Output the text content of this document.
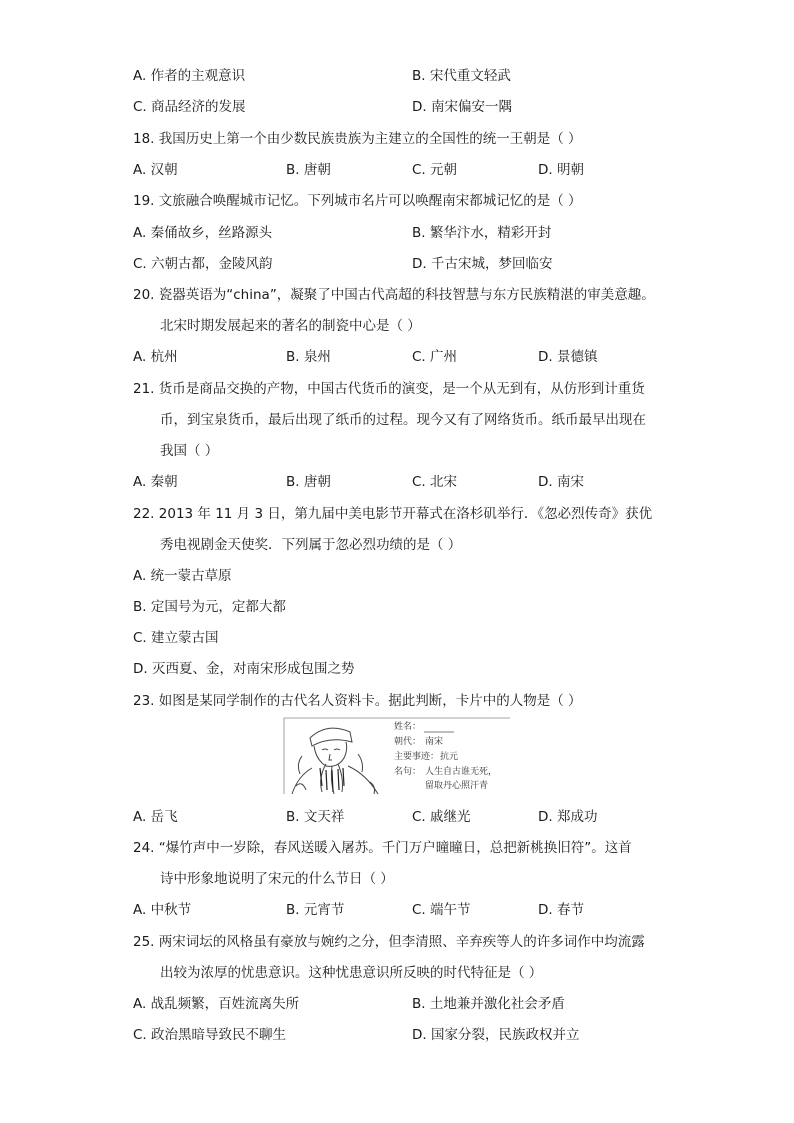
A. 作者的主观意识	B. 宋代重文轻武
C. 商品经济的发展	D. 南宋偏安一隅
18. 我国历史上第一个由少数民族贵族为主建立的全国性的统一王朝是（ ）
A. 汉朝	B. 唐朝	C. 元朝	D. 明朝
19. 文旅融合唤醒城市记忆。下列城市名片可以唤醒南宋都城记忆的是（ ）
A. 秦俑故乡，丝路源头	B. 繁华汴水，精彩开封
C. 六朝古都，金陵风韵	D. 千古宋城，梦回临安
20. 瓷器英语为“china”，凝聚了中国古代高超的科技智慧与东方民族精湛的审美意趣。
北宋时期发展起来的著名的制瓷中心是（ ）
A. 杭州	B. 泉州	C. 广州	D. 景德镇
21. 货币是商品交换的产物，中国古代货币的演变，是一个从无到有，从仿形到计重货
币，到宝泉货币，最后出现了纸币的过程。现今又有了网络货币。纸币最早出现在
我国（ ）
A. 秦朝	B. 唐朝	C. 北宋	D. 南宋
22. 2013 年 11 月 3 日，第九届中美电影节开幕式在洛杉矶举行．《忽必烈传奇》获优
秀电视剧金天使奖．下列属于忽必烈功绩的是（ ）
A. 统一蒙古草原
B. 定国号为元，定都大都
C. 建立蒙古国
D. 灭西夏、金，对南宋形成包围之势
23. 如图是某同学制作的古代名人资料卡。据此判断，卡片中的人物是（ ）
姓名：
朝代： 南宋
主要事迹： 抗元
名句： 人生自古谁无死，
留取丹心照汗青
A. 岳飞	B. 文天祥	C. 戚继光	D. 郑成功
24. “爆竹声中一岁除，春风送暖入屠苏。千门万户曈曈日，总把新桃换旧符”。这首
诗中形象地说明了宋元的什么节日（ ）
A. 中秋节	B. 元宵节	C. 端午节	D. 春节
25. 两宋词坛的风格虽有豪放与婉约之分，但李清照、辛弃疾等人的许多词作中均流露
出较为浓厚的忧患意识。这种忧患意识所反映的时代特征是（ ）
A. 战乱频繁，百姓流离失所	B. 土地兼并激化社会矛盾
C. 政治黑暗导致民不聊生	D. 国家分裂，民族政权并立
